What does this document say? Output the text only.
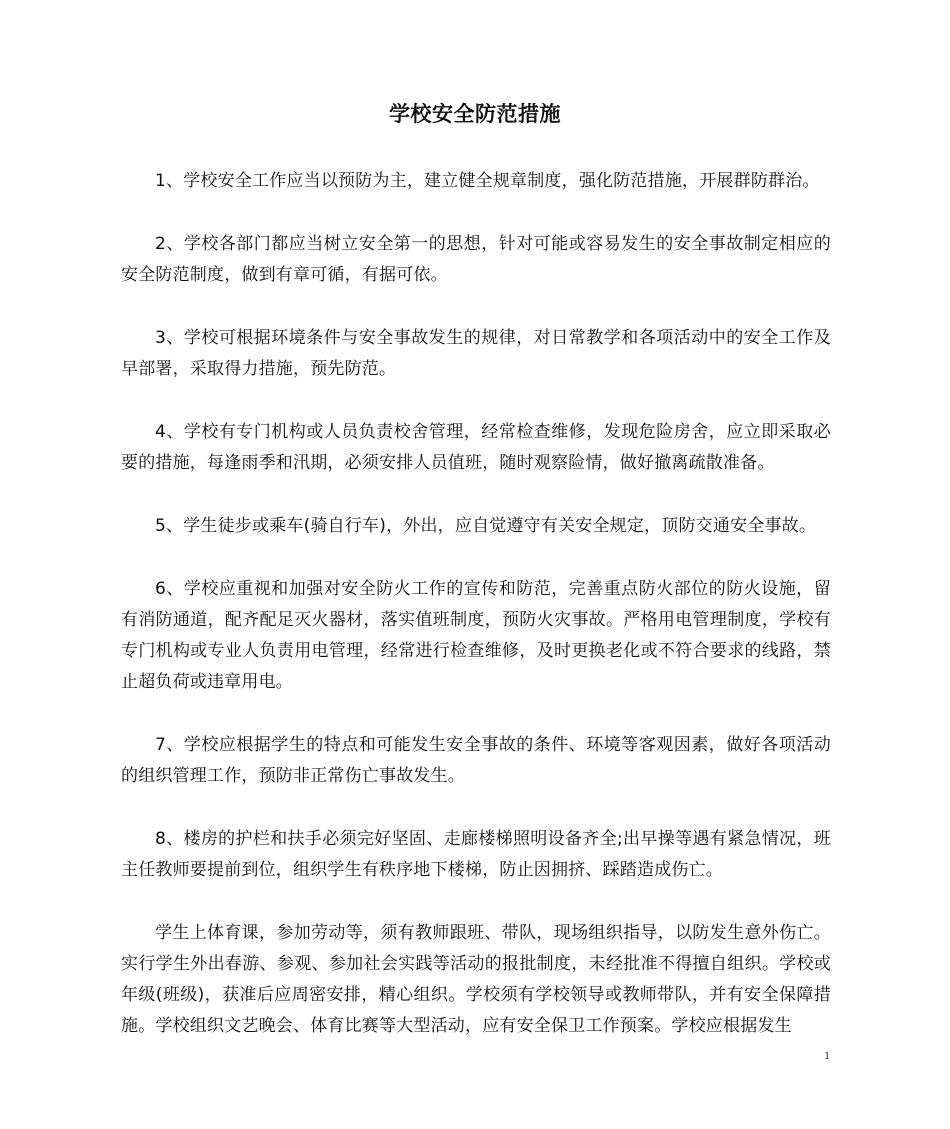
学校安全防范措施

1、学校安全工作应当以预防为主，建立健全规章制度，强化防范措施，开展群防群治。

2、学校各部门都应当树立安全第一的思想，针对可能或容易发生的安全事故制定相应的安全防范制度，做到有章可循，有据可依。

3、学校可根据环境条件与安全事故发生的规律，对日常教学和各项活动中的安全工作及早部署，采取得力措施，预先防范。

4、学校有专门机构或人员负责校舍管理，经常检查维修，发现危险房舍，应立即采取必要的措施，每逢雨季和汛期，必须安排人员值班，随时观察险情，做好撤离疏散准备。

5、学生徒步或乘车(骑自行车)，外出，应自觉遵守有关安全规定，顶防交通安全事故。

6、学校应重视和加强对安全防火工作的宣传和防范，完善重点防火部位的防火设施，留有消防通道，配齐配足灭火器材，落实值班制度，预防火灾事故。严格用电管理制度，学校有专门机构或专业人负责用电管理，经常进行检查维修，及时更换老化或不符合要求的线路，禁止超负荷或违章用电。

7、学校应根据学生的特点和可能发生安全事故的条件、环境等客观因素，做好各项活动的组织管理工作，预防非正常伤亡事故发生。

8、楼房的护栏和扶手必须完好坚固、走廊楼梯照明设备齐全;出早操等遇有紧急情况，班主任教师要提前到位，组织学生有秩序地下楼梯，防止因拥挤、踩踏造成伤亡。

学生上体育课，参加劳动等，须有教师跟班、带队，现场组织指导，以防发生意外伤亡。实行学生外出春游、参观、参加社会实践等活动的报批制度，未经批准不得擅自组织。学校或年级(班级)，获准后应周密安排，精心组织。学校须有学校领导或教师带队，并有安全保障措施。学校组织文艺晚会、体育比赛等大型活动，应有安全保卫工作预案。学校应根据发生

1
